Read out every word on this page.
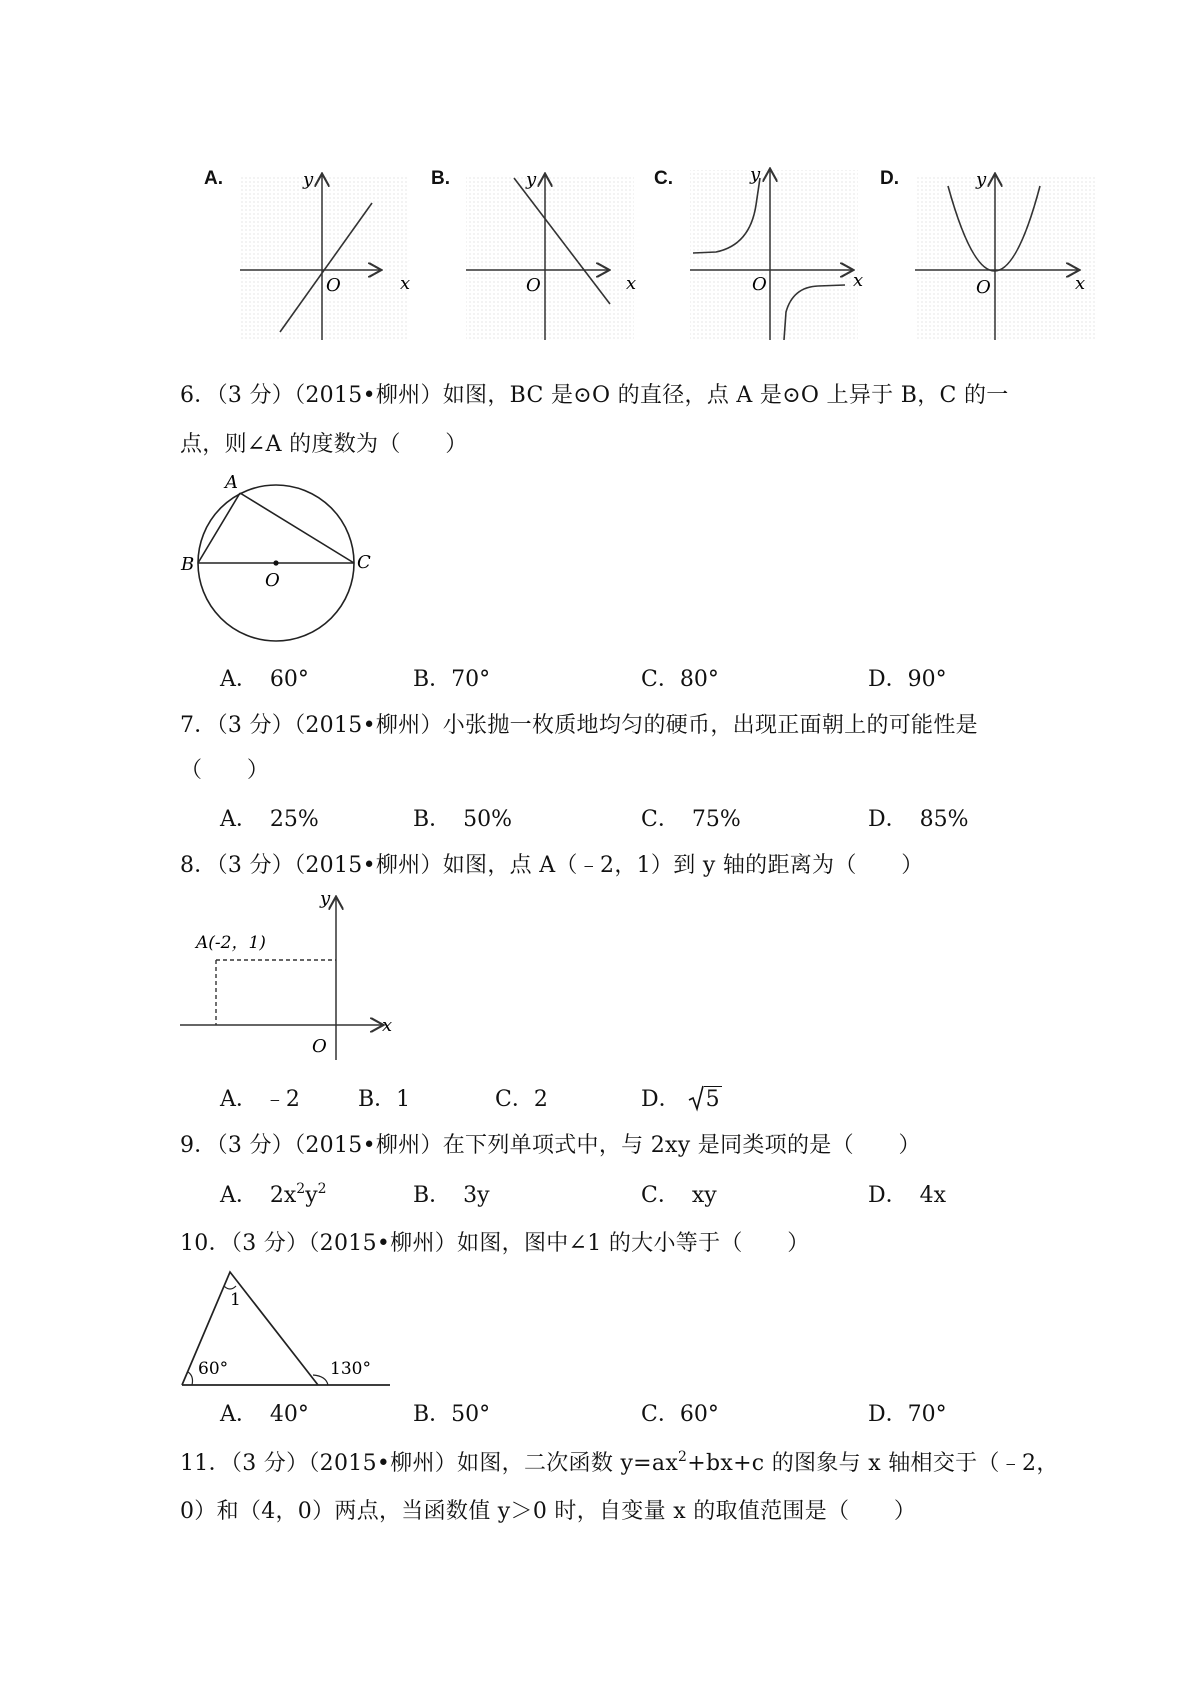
A.	B.	C.	D.
y
x
O
y
x
O
y
x
O
y
x
O
6．（3 分）（2015•柳州）如图，BC 是⊙O 的直径，点 A 是⊙O 上异于 B，C 的一
点，则∠A 的度数为（　　）
A
B	C
O
A． 60°	B．70°	C．80°	D．90°
7．（3 分）（2015•柳州）小张抛一枚质地均匀的硬币，出现正面朝上的可能性是
（　　）
A． 25%	B． 50%	C． 75%	D． 85%
8．（3 分）（2015•柳州）如图，点 A（﹣2，1）到 y 轴的距离为（　　）
y
x
O
A(-2，1)
A． ﹣2	B．1	C．2	D． 5
9．（3 分）（2015•柳州）在下列单项式中，与 2xy 是同类项的是（　　）
A． $2x^2y^2$	B． 3y	C． xy	D． 4x
10．（3 分）（2015•柳州）如图，图中∠1 的大小等于（　　）
1
60°	130°
A． 40°	B．50°	C．60°	D．70°
11．（3 分）（2015•柳州）如图，二次函数 $y=ax^2+bx+c$ 的图象与 x 轴相交于（﹣2，
0）和（4，0）两点，当函数值 y＞0 时，自变量 x 的取值范围是（　　）
